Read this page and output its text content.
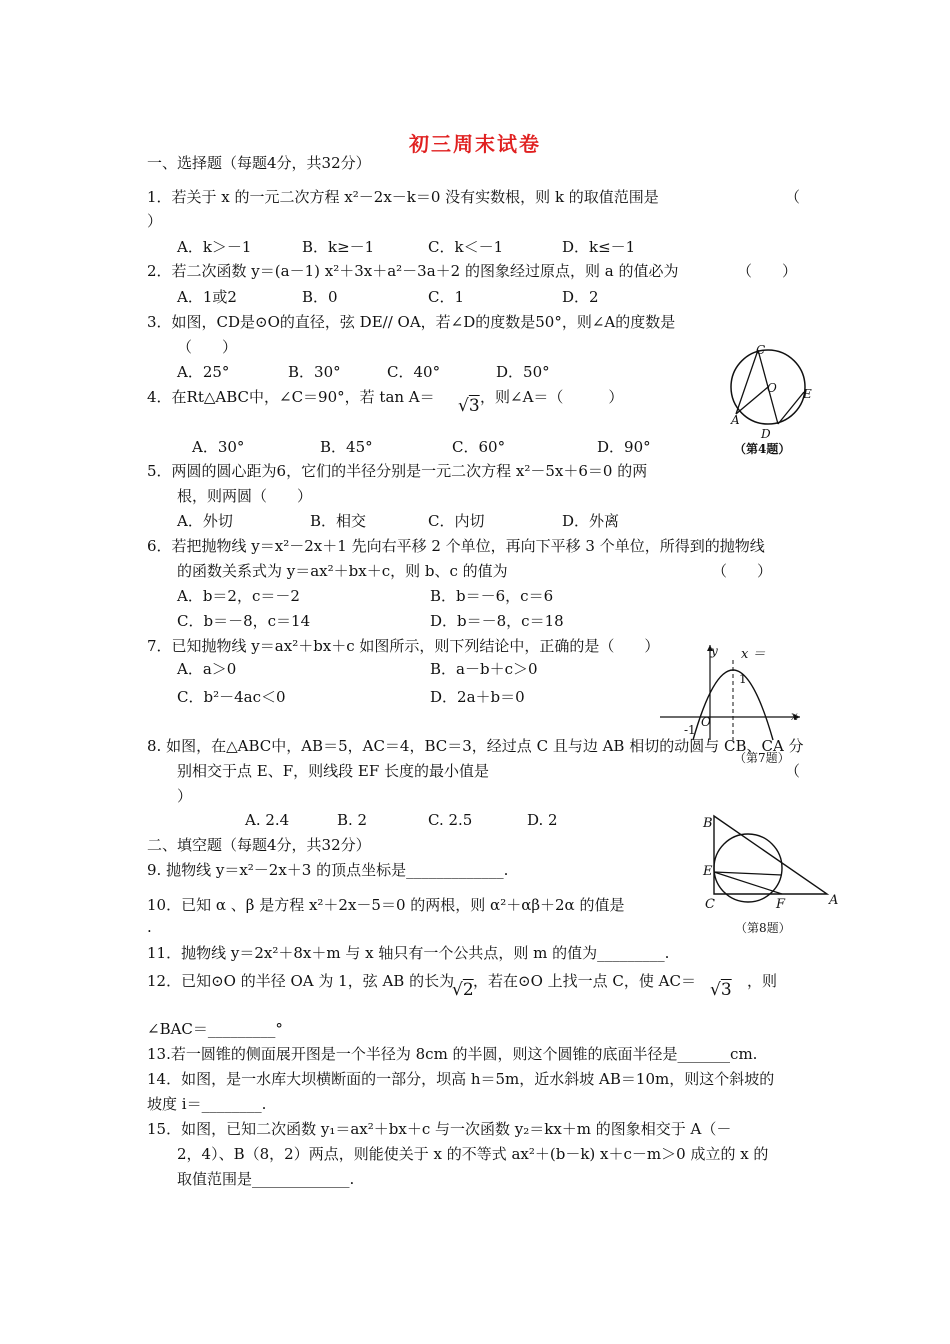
初三周末试卷
一、选择题（每题4分，共32分）
1．若关于 x 的一元二次方程 x²－2x－k＝0 没有实数根，则 k 的取值范围是	（
）
A．k＞－1	B．k≥－1	C．k＜－1	D．k≤－1
2．若二次函数 y＝(a－1) x²＋3x＋a²－3a＋2 的图象经过原点，则 a 的值必为	（　　）
A．1或2	B．0	C．1	D．2
3．如图，CD是⊙O的直径，弦 DE// OA，若∠D的度数是50°，则∠A的度数是
（　　）
A．25°	B．30°	C．40°	D．50°
4．在Rt△ABC中，∠C＝90°，若 tan A＝ √3 ，则∠A＝（　　　）
A．30°	B．45°	C．60°	D．90°
C
O E
A
D
（第4题）
5．两圆的圆心距为6，它们的半径分别是一元二次方程 x²－5x＋6＝0 的两
根，则两圆（　　）
A．外切	B．相交	C．内切	D．外离
6．若把抛物线 y＝x²－2x＋1 先向右平移 2 个单位，再向下平移 3 个单位，所得到的抛物线
的函数关系式为 y＝ax²＋bx＋c，则 b、c 的值为	（　　）
A．b＝2，c＝－2	B．b＝－6，c＝6
C．b＝－8，c＝14	D．b＝－8，c＝18
7．已知抛物线 y＝ax²＋bx＋c 如图所示，则下列结论中，正确的是（　　）
A．a＞0	B．a－b＋c＞0
C．b²－4ac＜0	D．2a＋b＝0
y x ＝
1
x
-1
O
（第7题）
8. 如图，在△ABC中，AB＝5，AC＝4，BC＝3，经过点 C 且与边 AB 相切的动圆与 CB、CA 分
别相交于点 E、F，则线段 EF 长度的最小值是	（
）
A. 2.4	B. 2	C. 2.5	D. 2	B
E
C	F	A
（第8题）
二、填空题（每题4分，共32分）
9. 抛物线 y＝x²－2x＋3 的顶点坐标是_____________.
10．已知 α 、β 是方程 x²＋2x－5＝0 的两根，则 α²＋αβ＋2α 的值是
.
11．抛物线 y＝2x²＋8x＋m 与 x 轴只有一个公共点，则 m 的值为_________.
12．已知⊙O 的半径 OA 为 1，弦 AB 的长为
√2 ，若在⊙O 上找一点 C，使 AC＝ √3 ，则
∠BAC＝_________°
13.若一圆锥的侧面展开图是一个半径为 8cm 的半圆，则这个圆锥的底面半径是_______cm.
14．如图，是一水库大坝横断面的一部分，坝高 h＝5m，近水斜坡 AB＝10m，则这个斜坡的
坡度 i＝________.
15．如图，已知二次函数 y₁＝ax²＋bx＋c 与一次函数 y₂＝kx＋m 的图象相交于 A（－
2，4）、B（8，2）两点，则能使关于 x 的不等式 ax²＋(b－k) x＋c－m＞0 成立的 x 的
取值范围是_____________.
